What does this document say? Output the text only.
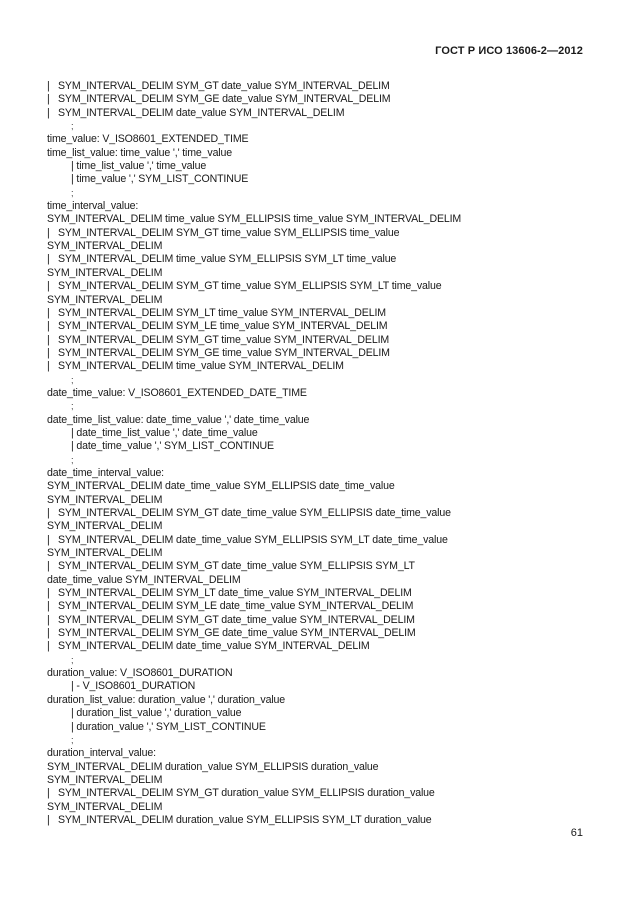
ГОСТ Р ИСО 13606-2—2012
|   SYM_INTERVAL_DELIM SYM_GT date_value SYM_INTERVAL_DELIM
|   SYM_INTERVAL_DELIM SYM_GE date_value SYM_INTERVAL_DELIM
|   SYM_INTERVAL_DELIM date_value SYM_INTERVAL_DELIM
;
time_value: V_ISO8601_EXTENDED_TIME
time_list_value: time_value ',' time_value
| time_list_value ',' time_value
| time_value ',' SYM_LIST_CONTINUE
;
time_interval_value:
SYM_INTERVAL_DELIM time_value SYM_ELLIPSIS time_value SYM_INTERVAL_DELIM
|   SYM_INTERVAL_DELIM SYM_GT time_value SYM_ELLIPSIS time_value
SYM_INTERVAL_DELIM
|   SYM_INTERVAL_DELIM time_value SYM_ELLIPSIS SYM_LT time_value
SYM_INTERVAL_DELIM
|   SYM_INTERVAL_DELIM SYM_GT time_value SYM_ELLIPSIS SYM_LT time_value
SYM_INTERVAL_DELIM
|   SYM_INTERVAL_DELIM SYM_LT time_value SYM_INTERVAL_DELIM
|   SYM_INTERVAL_DELIM SYM_LE time_value SYM_INTERVAL_DELIM
|   SYM_INTERVAL_DELIM SYM_GT time_value SYM_INTERVAL_DELIM
|   SYM_INTERVAL_DELIM SYM_GE time_value SYM_INTERVAL_DELIM
|   SYM_INTERVAL_DELIM time_value SYM_INTERVAL_DELIM
;
date_time_value: V_ISO8601_EXTENDED_DATE_TIME
;
date_time_list_value: date_time_value ',' date_time_value
| date_time_list_value ',' date_time_value
| date_time_value ',' SYM_LIST_CONTINUE
;
date_time_interval_value:
SYM_INTERVAL_DELIM date_time_value SYM_ELLIPSIS date_time_value
SYM_INTERVAL_DELIM
|   SYM_INTERVAL_DELIM SYM_GT date_time_value SYM_ELLIPSIS date_time_value
SYM_INTERVAL_DELIM
|   SYM_INTERVAL_DELIM date_time_value SYM_ELLIPSIS SYM_LT date_time_value
SYM_INTERVAL_DELIM
|   SYM_INTERVAL_DELIM SYM_GT date_time_value SYM_ELLIPSIS SYM_LT
date_time_value SYM_INTERVAL_DELIM
|   SYM_INTERVAL_DELIM SYM_LT date_time_value SYM_INTERVAL_DELIM
|   SYM_INTERVAL_DELIM SYM_LE date_time_value SYM_INTERVAL_DELIM
|   SYM_INTERVAL_DELIM SYM_GT date_time_value SYM_INTERVAL_DELIM
|   SYM_INTERVAL_DELIM SYM_GE date_time_value SYM_INTERVAL_DELIM
|   SYM_INTERVAL_DELIM date_time_value SYM_INTERVAL_DELIM
;
duration_value: V_ISO8601_DURATION
| - V_ISO8601_DURATION
duration_list_value: duration_value ',' duration_value
| duration_list_value ',' duration_value
| duration_value ',' SYM_LIST_CONTINUE
;
duration_interval_value:
SYM_INTERVAL_DELIM duration_value SYM_ELLIPSIS duration_value
SYM_INTERVAL_DELIM
|   SYM_INTERVAL_DELIM SYM_GT duration_value SYM_ELLIPSIS duration_value
SYM_INTERVAL_DELIM
|   SYM_INTERVAL_DELIM duration_value SYM_ELLIPSIS SYM_LT duration_value
61
